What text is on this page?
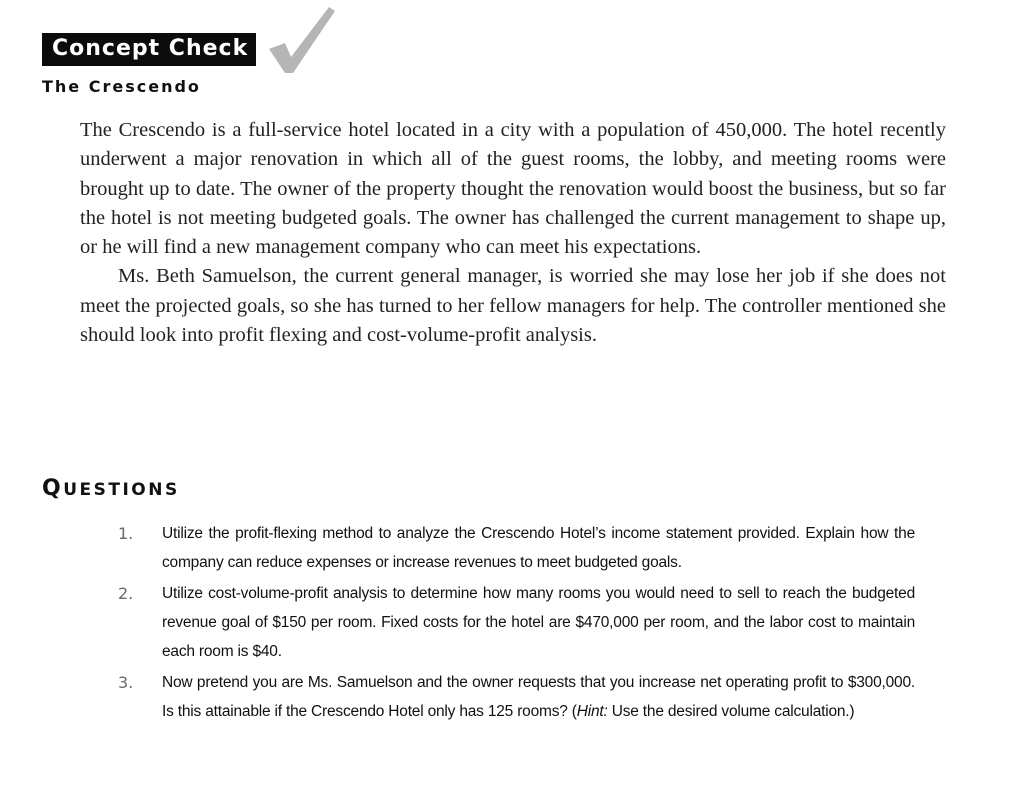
Concept Check
The Crescendo

The Crescendo is a full-service hotel located in a city with a population of 450,000. The hotel recently underwent a major renovation in which all of the guest rooms, the lobby, and meeting rooms were brought up to date. The owner of the property thought the renovation would boost the business, but so far the hotel is not meeting budgeted goals. The owner has challenged the current management to shape up, or he will find a new management company who can meet his expectations.

Ms. Beth Samuelson, the current general manager, is worried she may lose her job if she does not meet the projected goals, so she has turned to her fellow managers for help. The controller mentioned she should look into profit flexing and cost-volume-profit analysis.

QUESTIONS
1. Utilize the profit-flexing method to analyze the Crescendo Hotel’s income statement provided. Explain how the company can reduce expenses or increase revenues to meet budgeted goals.
2. Utilize cost-volume-profit analysis to determine how many rooms you would need to sell to reach the budgeted revenue goal of $150 per room. Fixed costs for the hotel are $470,000 per room, and the labor cost to maintain each room is $40.
3. Now pretend you are Ms. Samuelson and the owner requests that you increase net operating profit to $300,000. Is this attainable if the Crescendo Hotel only has 125 rooms? (Hint: Use the desired volume calculation.)
